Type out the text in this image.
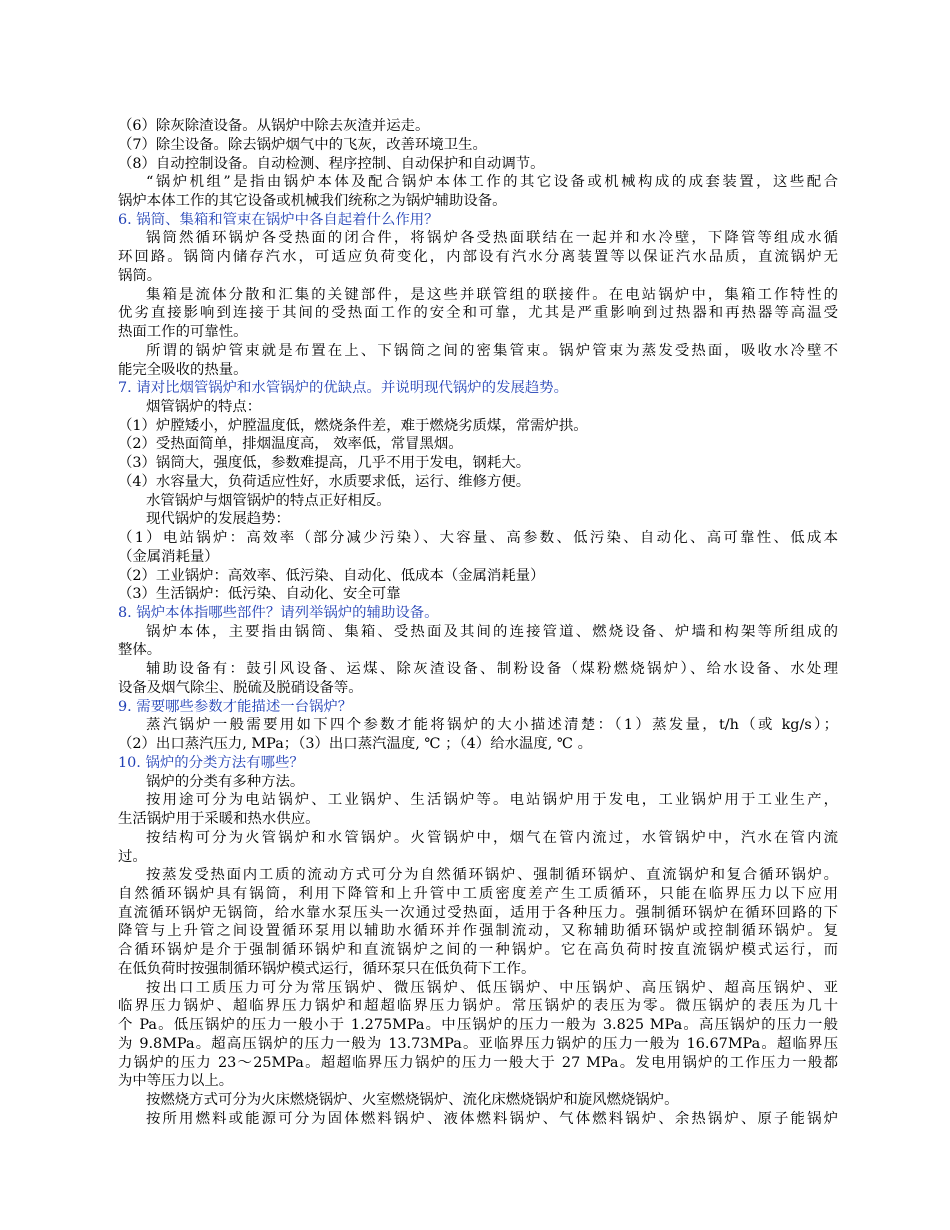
（6）除灰除渣设备。从锅炉中除去灰渣并运走。
（7）除尘设备。除去锅炉烟气中的飞灰，改善环境卫生。
（8）自动控制设备。自动检测、程序控制、自动保护和自动调节。
“锅炉机组”是指由锅炉本体及配合锅炉本体工作的其它设备或机械构成的成套装置，这些配合
锅炉本体工作的其它设备或机械我们统称之为锅炉辅助设备。
6. 锅筒、集箱和管束在锅炉中各自起着什么作用？
锅筒然循环锅炉各受热面的闭合件，将锅炉各受热面联结在一起并和水冷壁，下降管等组成水循
环回路。锅筒内储存汽水，可适应负荷变化，内部设有汽水分离装置等以保证汽水品质，直流锅炉无
锅筒。
集箱是流体分散和汇集的关键部件，是这些并联管组的联接件。在电站锅炉中，集箱工作特性的
优劣直接影响到连接于其间的受热面工作的安全和可靠，尤其是严重影响到过热器和再热器等高温受
热面工作的可靠性。
所谓的锅炉管束就是布置在上、下锅筒之间的密集管束。锅炉管束为蒸发受热面，吸收水冷壁不
能完全吸收的热量。
7. 请对比烟管锅炉和水管锅炉的优缺点。并说明现代锅炉的发展趋势。
烟管锅炉的特点：
（1）炉膛矮小，炉膛温度低，燃烧条件差，难于燃烧劣质煤，常需炉拱。
（2）受热面简单，排烟温度高， 效率低，常冒黑烟。
（3）锅筒大，强度低，参数难提高，几乎不用于发电，钢耗大。
（4）水容量大，负荷适应性好，水质要求低，运行、维修方便。
水管锅炉与烟管锅炉的特点正好相反。
现代锅炉的发展趋势：
（1）电站锅炉：高效率（部分减少污染）、大容量、高参数、低污染、自动化、高可靠性、低成本
（金属消耗量）
（2）工业锅炉：高效率、低污染、自动化、低成本（金属消耗量）
（3）生活锅炉：低污染、自动化、安全可靠
8. 锅炉本体指哪些部件？请列举锅炉的辅助设备。
锅炉本体，主要指由锅筒、集箱、受热面及其间的连接管道、燃烧设备、炉墙和构架等所组成的
整体。
辅助设备有：鼓引风设备、运煤、除灰渣设备、制粉设备（煤粉燃烧锅炉）、给水设备、水处理
设备及烟气除尘、脱硫及脱硝设备等。
9. 需要哪些参数才能描述一台锅炉？
蒸汽锅炉一般需要用如下四个参数才能将锅炉的大小描述清楚：（1）蒸发量，t/h（或 kg/s）；
（2）出口蒸汽压力, MPa；（3）出口蒸汽温度, ℃ ；（4）给水温度, ℃ 。
10. 锅炉的分类方法有哪些？
锅炉的分类有多种方法。
按用途可分为电站锅炉、工业锅炉、生活锅炉等。电站锅炉用于发电，工业锅炉用于工业生产，
生活锅炉用于采暖和热水供应。
按结构可分为火管锅炉和水管锅炉。火管锅炉中，烟气在管内流过，水管锅炉中，汽水在管内流
过。
按蒸发受热面内工质的流动方式可分为自然循环锅炉、强制循环锅炉、直流锅炉和复合循环锅炉。
自然循环锅炉具有锅筒，利用下降管和上升管中工质密度差产生工质循环，只能在临界压力以下应用
直流循环锅炉无锅筒，给水靠水泵压头一次通过受热面，适用于各种压力。强制循环锅炉在循环回路的下
降管与上升管之间设置循环泵用以辅助水循环并作强制流动，又称辅助循环锅炉或控制循环锅炉。复
合循环锅炉是介于强制循环锅炉和直流锅炉之间的一种锅炉。它在高负荷时按直流锅炉模式运行，而
在低负荷时按强制循环锅炉模式运行，循环泵只在低负荷下工作。
按出口工质压力可分为常压锅炉、微压锅炉、低压锅炉、中压锅炉、高压锅炉、超高压锅炉、亚
临界压力锅炉、超临界压力锅炉和超超临界压力锅炉。常压锅炉的表压为零。微压锅炉的表压为几十
个 Pa。低压锅炉的压力一般小于 1.275MPa。中压锅炉的压力一般为 3.825 MPa。高压锅炉的压力一般
为 9.8MPa。超高压锅炉的压力一般为 13.73MPa。亚临界压力锅炉的压力一般为 16.67MPa。超临界压
力锅炉的压力 23～25MPa。超超临界压力锅炉的压力一般大于 27 MPa。发电用锅炉的工作压力一般都
为中等压力以上。
按燃烧方式可分为火床燃烧锅炉、火室燃烧锅炉、流化床燃烧锅炉和旋风燃烧锅炉。
按所用燃料或能源可分为固体燃料锅炉、液体燃料锅炉、气体燃料锅炉、余热锅炉、原子能锅炉
